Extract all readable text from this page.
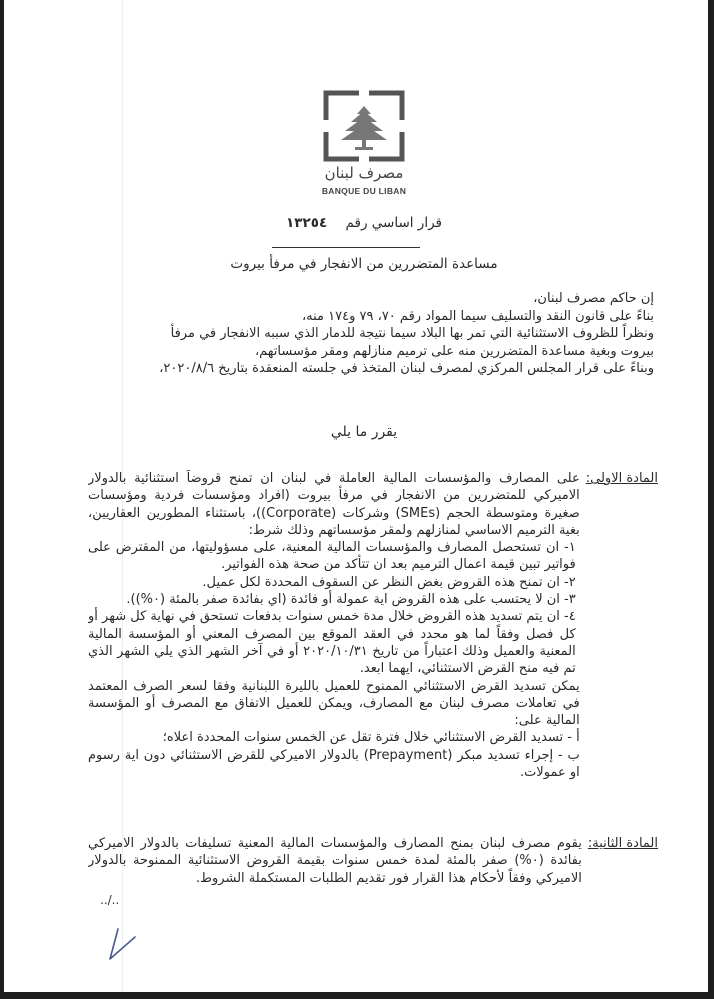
مصرف لبنان
BANQUE DU LIBAN
قرار اساسي رقم ١٣٢٥٤
مساعدة المتضررين من الانفجار في مرفأ بيروت
إن حاكم مصرف لبنان،
بناءً على قانون النقد والتسليف سيما المواد رقم ٧٠، ٧٩ و١٧٤ منه،
ونظراً للظروف الاستثنائية التي تمر بها البلاد سيما نتيجة للدمار الذي سببه الانفجار في مرفأ بيروت وبغية مساعدة المتضررين منه على ترميم منازلهم ومقر مؤسساتهم،
وبناءً على قرار المجلس المركزي لمصرف لبنان المتخذ في جلسته المنعقدة بتاريخ ٢٠٢٠/٨/٦،
يقرر ما يلي
المادة الاولى:

على المصارف والمؤسسات المالية العاملة في لبنان ان تمنح قروضاً استثنائية بالدولار الاميركي للمتضررين من الانفجار في مرفأ بيروت (افراد ومؤسسات فردية ومؤسسات صغيرة ومتوسطة الحجم (SMEs) وشركات (Corporate))، باستثناء المطورين العقاريين، بغية الترميم الاساسي لمنازلهم ولمقر مؤسساتهم وذلك شرط:

١- ان تستحصل المصارف والمؤسسات المالية المعنية، على مسؤوليتها، من المقترض على فواتير تبين قيمة اعمال الترميم بعد ان تتأكد من صحة هذه الفواتير.

٢- ان تمنح هذه القروض بغض النظر عن السقوف المحددة لكل عميل.

٣- ان لا يحتسب على هذه القروض اية عمولة أو فائدة (اي بفائدة صفر بالمئة (٠%)).

٤- ان يتم تسديد هذه القروض خلال مدة خمس سنوات بدفعات تستحق في نهاية كل شهر أو كل فصل وفقاً لما هو محدد في العقد الموقع بين المصرف المعني أو المؤسسة المالية المعنية والعميل وذلك اعتباراً من تاريخ ٢٠٢٠/١٠/٣١ أو في آخر الشهر الذي يلي الشهر الذي تم فيه منح القرض الاستثنائي، ايهما ابعد.

يمكن تسديد القرض الاستثنائي الممنوح للعميل بالليرة اللبنانية وفقا لسعر الصرف المعتمد في تعاملات مصرف لبنان مع المصارف، ويمكن للعميل الاتفاق مع المصرف أو المؤسسة المالية على:

أ - تسديد القرض الاستثنائي خلال فترة تقل عن الخمس سنوات المحددة اعلاه؛

ب - إجراء تسديد مبكر (Prepayment) بالدولار الاميركي للقرض الاستثنائي دون اية رسوم او عمولات.

المادة الثانية:

يقوم مصرف لبنان بمنح المصارف والمؤسسات المالية المعنية تسليفات بالدولار الاميركي بفائدة (٠%) صفر بالمئة لمدة خمس سنوات بقيمة القروض الاستثنائية الممنوحة بالدولار الاميركي وفقاً لأحكام هذا القرار فور تقديم الطلبات المستكملة الشروط.

../..
